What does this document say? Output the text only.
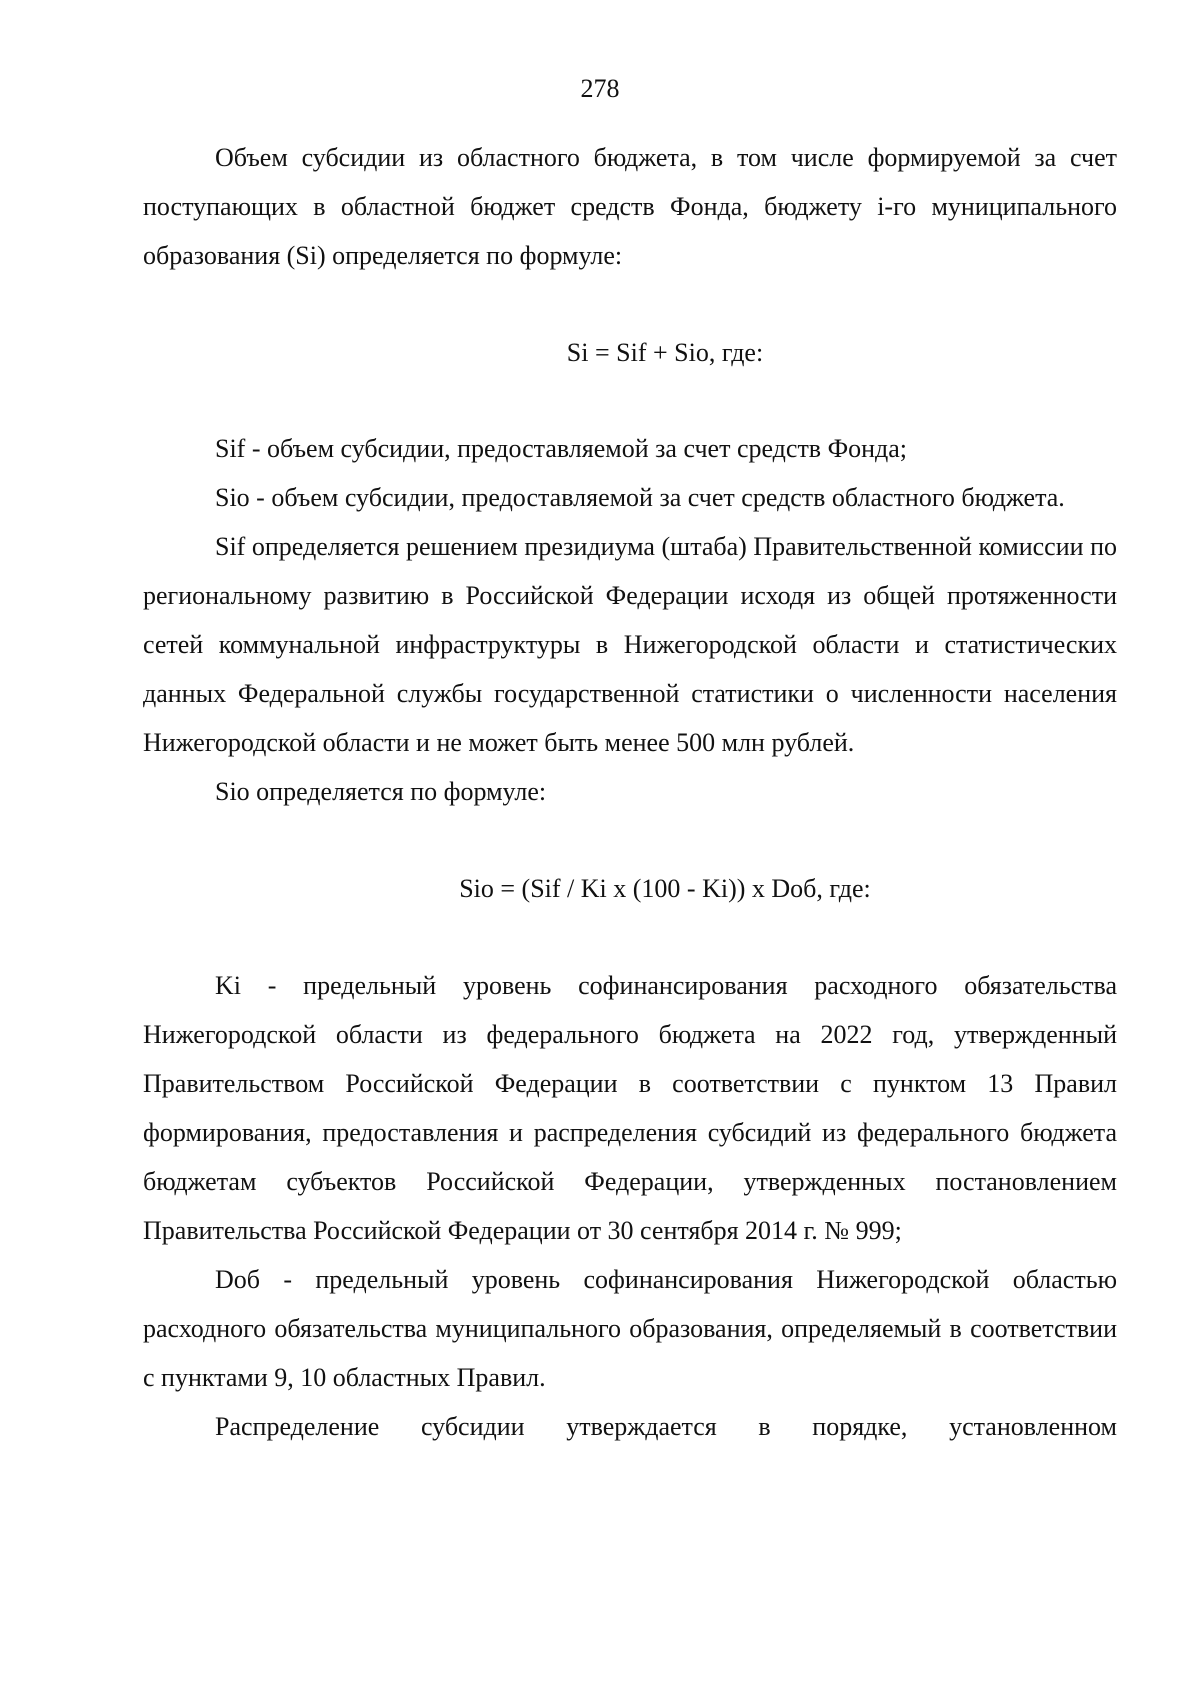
278

Объем субсидии из областного бюджета, в том числе формируемой за счет поступающих в областной бюджет средств Фонда, бюджету i-го муниципального образования (Si) определяется по формуле:

Si = Sif + Sio, где:

Sif - объем субсидии, предоставляемой за счет средств Фонда;

Sio - объем субсидии, предоставляемой за счет средств областного бюджета.

Sif определяется решением президиума (штаба) Правительственной комиссии по региональному развитию в Российской Федерации исходя из общей протяженности сетей коммунальной инфраструктуры в Нижегородской области и статистических данных Федеральной службы государственной статистики о численности населения Нижегородской области и не может быть менее 500 млн рублей.

Sio определяется по формуле:

Sio = (Sif / Ki x (100 - Ki)) x Dоб, где:

Ki - предельный уровень софинансирования расходного обязательства Нижегородской области из федерального бюджета на 2022 год, утвержденный Правительством Российской Федерации в соответствии с пунктом 13 Правил формирования, предоставления и распределения субсидий из федерального бюджета бюджетам субъектов Российской Федерации, утвержденных постановлением Правительства Российской Федерации от 30 сентября 2014 г. № 999;

Dоб - предельный уровень софинансирования Нижегородской областью расходного обязательства муниципального образования, определяемый в соответствии с пунктами 9, 10 областных Правил.

Распределение субсидии утверждается в порядке, установленном
